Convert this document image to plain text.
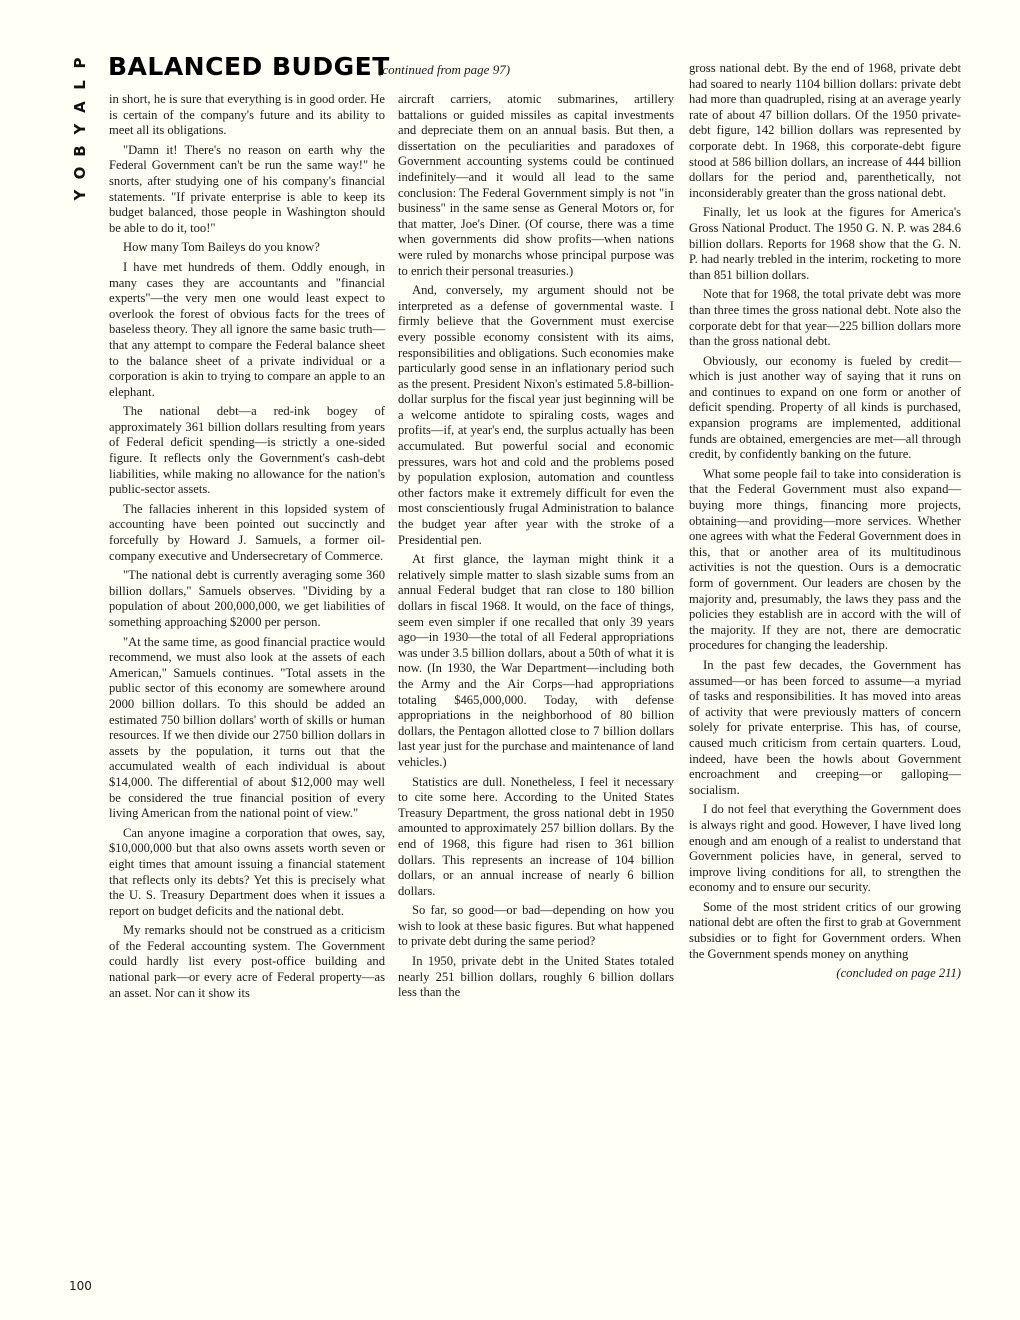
P
L
A
Y
B
O
Y
BALANCED BUDGET
(continued from page 97)

in short, he is sure that everything is in good order. He is certain of the company's future and its ability to meet all its obligations.

"Damn it! There's no reason on earth why the Federal Government can't be run the same way!" he snorts, after studying one of his company's financial statements. "If private enterprise is able to keep its budget balanced, those people in Washington should be able to do it, too!"

How many Tom Baileys do you know?

I have met hundreds of them. Oddly enough, in many cases they are accountants and "financial experts"—the very men one would least expect to overlook the forest of obvious facts for the trees of baseless theory. They all ignore the same basic truth—that any attempt to compare the Federal balance sheet to the balance sheet of a private individual or a corporation is akin to trying to compare an apple to an elephant.

The national debt—a red-ink bogey of approximately 361 billion dollars resulting from years of Federal deficit spending—is strictly a one-sided figure. It reflects only the Government's cash-debt liabilities, while making no allowance for the nation's public-sector assets.

The fallacies inherent in this lopsided system of accounting have been pointed out succinctly and forcefully by Howard J. Samuels, a former oil-company executive and Undersecretary of Commerce.

"The national debt is currently averaging some 360 billion dollars," Samuels observes. "Dividing by a population of about 200,000,000, we get liabilities of something approaching $2000 per person.

"At the same time, as good financial practice would recommend, we must also look at the assets of each American," Samuels continues. "Total assets in the public sector of this economy are somewhere around 2000 billion dollars. To this should be added an estimated 750 billion dollars' worth of skills or human resources. If we then divide our 2750 billion dollars in assets by the population, it turns out that the accumulated wealth of each individual is about $14,000. The differential of about $12,000 may well be considered the true financial position of every living American from the national point of view."

Can anyone imagine a corporation that owes, say, $10,000,000 but that also owns assets worth seven or eight times that amount issuing a financial statement that reflects only its debts? Yet this is precisely what the U. S. Treasury Department does when it issues a report on budget deficits and the national debt.

My remarks should not be construed as a criticism of the Federal accounting system. The Government could hardly list every post-office building and national park—or every acre of Federal property—as an asset. Nor can it show its

aircraft carriers, atomic submarines, artillery battalions or guided missiles as capital investments and depreciate them on an annual basis. But then, a dissertation on the peculiarities and paradoxes of Government accounting systems could be continued indefinitely—and it would all lead to the same conclusion: The Federal Government simply is not "in business" in the same sense as General Motors or, for that matter, Joe's Diner. (Of course, there was a time when governments did show profits—when nations were ruled by monarchs whose principal purpose was to enrich their personal treasuries.)

And, conversely, my argument should not be interpreted as a defense of governmental waste. I firmly believe that the Government must exercise every possible economy consistent with its aims, responsibilities and obligations. Such economies make particularly good sense in an inflationary period such as the present. President Nixon's estimated 5.8-billion-dollar surplus for the fiscal year just beginning will be a welcome antidote to spiraling costs, wages and profits—if, at year's end, the surplus actually has been accumulated. But powerful social and economic pressures, wars hot and cold and the problems posed by population explosion, automation and countless other factors make it extremely difficult for even the most conscientiously frugal Administration to balance the budget year after year with the stroke of a Presidential pen.

At first glance, the layman might think it a relatively simple matter to slash sizable sums from an annual Federal budget that ran close to 180 billion dollars in fiscal 1968. It would, on the face of things, seem even simpler if one recalled that only 39 years ago—in 1930—the total of all Federal appropriations was under 3.5 billion dollars, about a 50th of what it is now. (In 1930, the War Department—including both the Army and the Air Corps—had appropriations totaling $465,000,000. Today, with defense appropriations in the neighborhood of 80 billion dollars, the Pentagon allotted close to 7 billion dollars last year just for the purchase and maintenance of land vehicles.)

Statistics are dull. Nonetheless, I feel it necessary to cite some here. According to the United States Treasury Department, the gross national debt in 1950 amounted to approximately 257 billion dollars. By the end of 1968, this figure had risen to 361 billion dollars. This represents an increase of 104 billion dollars, or an annual increase of nearly 6 billion dollars.

So far, so good—or bad—depending on how you wish to look at these basic figures. But what happened to private debt during the same period?

In 1950, private debt in the United States totaled nearly 251 billion dollars, roughly 6 billion dollars less than the

gross national debt. By the end of 1968, private debt had soared to nearly 1104 billion dollars: private debt had more than quadrupled, rising at an average yearly rate of about 47 billion dollars. Of the 1950 private-debt figure, 142 billion dollars was represented by corporate debt. In 1968, this corporate-debt figure stood at 586 billion dollars, an increase of 444 billion dollars for the period and, parenthetically, not inconsiderably greater than the gross national debt.

Finally, let us look at the figures for America's Gross National Product. The 1950 G. N. P. was 284.6 billion dollars. Reports for 1968 show that the G. N. P. had nearly trebled in the interim, rocketing to more than 851 billion dollars.

Note that for 1968, the total private debt was more than three times the gross national debt. Note also the corporate debt for that year—225 billion dollars more than the gross national debt.

Obviously, our economy is fueled by credit—which is just another way of saying that it runs on and continues to expand on one form or another of deficit spending. Property of all kinds is purchased, expansion programs are implemented, additional funds are obtained, emergencies are met—all through credit, by confidently banking on the future.

What some people fail to take into consideration is that the Federal Government must also expand—buying more things, financing more projects, obtaining—and providing—more services. Whether one agrees with what the Federal Government does in this, that or another area of its multitudinous activities is not the question. Ours is a democratic form of government. Our leaders are chosen by the majority and, presumably, the laws they pass and the policies they establish are in accord with the will of the majority. If they are not, there are democratic procedures for changing the leadership.

In the past few decades, the Government has assumed—or has been forced to assume—a myriad of tasks and responsibilities. It has moved into areas of activity that were previously matters of concern solely for private enterprise. This has, of course, caused much criticism from certain quarters. Loud, indeed, have been the howls about Government encroachment and creeping—or galloping—socialism.

I do not feel that everything the Government does is always right and good. However, I have lived long enough and am enough of a realist to understand that Government policies have, in general, served to improve living conditions for all, to strengthen the economy and to ensure our security.

Some of the most strident critics of our growing national debt are often the first to grab at Government subsidies or to fight for Government orders. When the Government spends money on anything

(concluded on page 211)
100
